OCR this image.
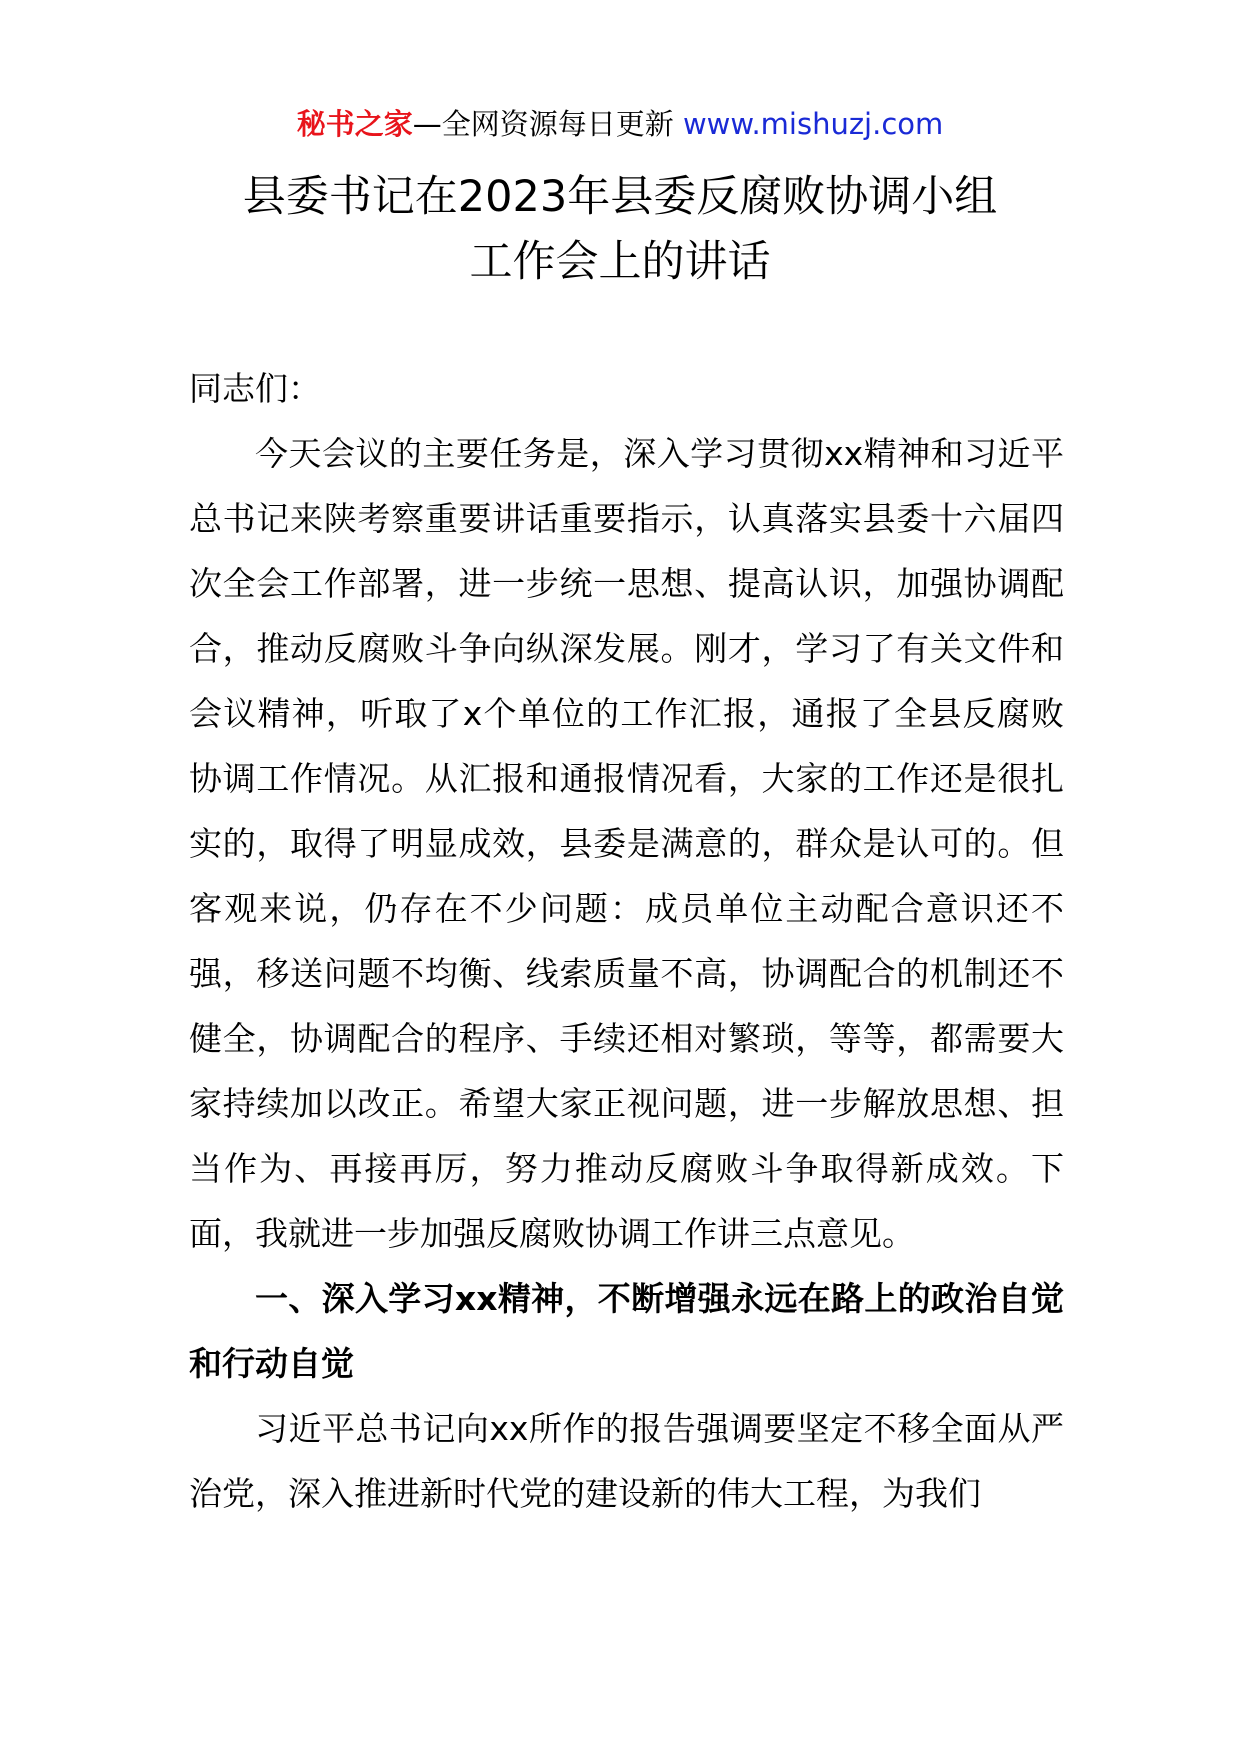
秘书之家—全网资源每日更新 www.mishuzj.com
县委书记在2023年县委反腐败协调小组
工作会上的讲话

同志们：

今天会议的主要任务是，深入学习贯彻xx精神和习近平总书记来陕考察重要讲话重要指示，认真落实县委十六届四次全会工作部署，进一步统一思想、提高认识，加强协调配合，推动反腐败斗争向纵深发展。刚才，学习了有关文件和会议精神，听取了x个单位的工作汇报，通报了全县反腐败协调工作情况。从汇报和通报情况看，大家的工作还是很扎实的，取得了明显成效，县委是满意的，群众是认可的。但客观来说，仍存在不少问题：成员单位主动配合意识还不强，移送问题不均衡、线索质量不高，协调配合的机制还不健全，协调配合的程序、手续还相对繁琐，等等，都需要大家持续加以改正。希望大家正视问题，进一步解放思想、担当作为、再接再厉，努力推动反腐败斗争取得新成效。下面，我就进一步加强反腐败协调工作讲三点意见。

一、深入学习xx精神，不断增强永远在路上的政治自觉和行动自觉

习近平总书记向xx所作的报告强调要坚定不移全面从严治党，深入推进新时代党的建设新的伟大工程，为我们
